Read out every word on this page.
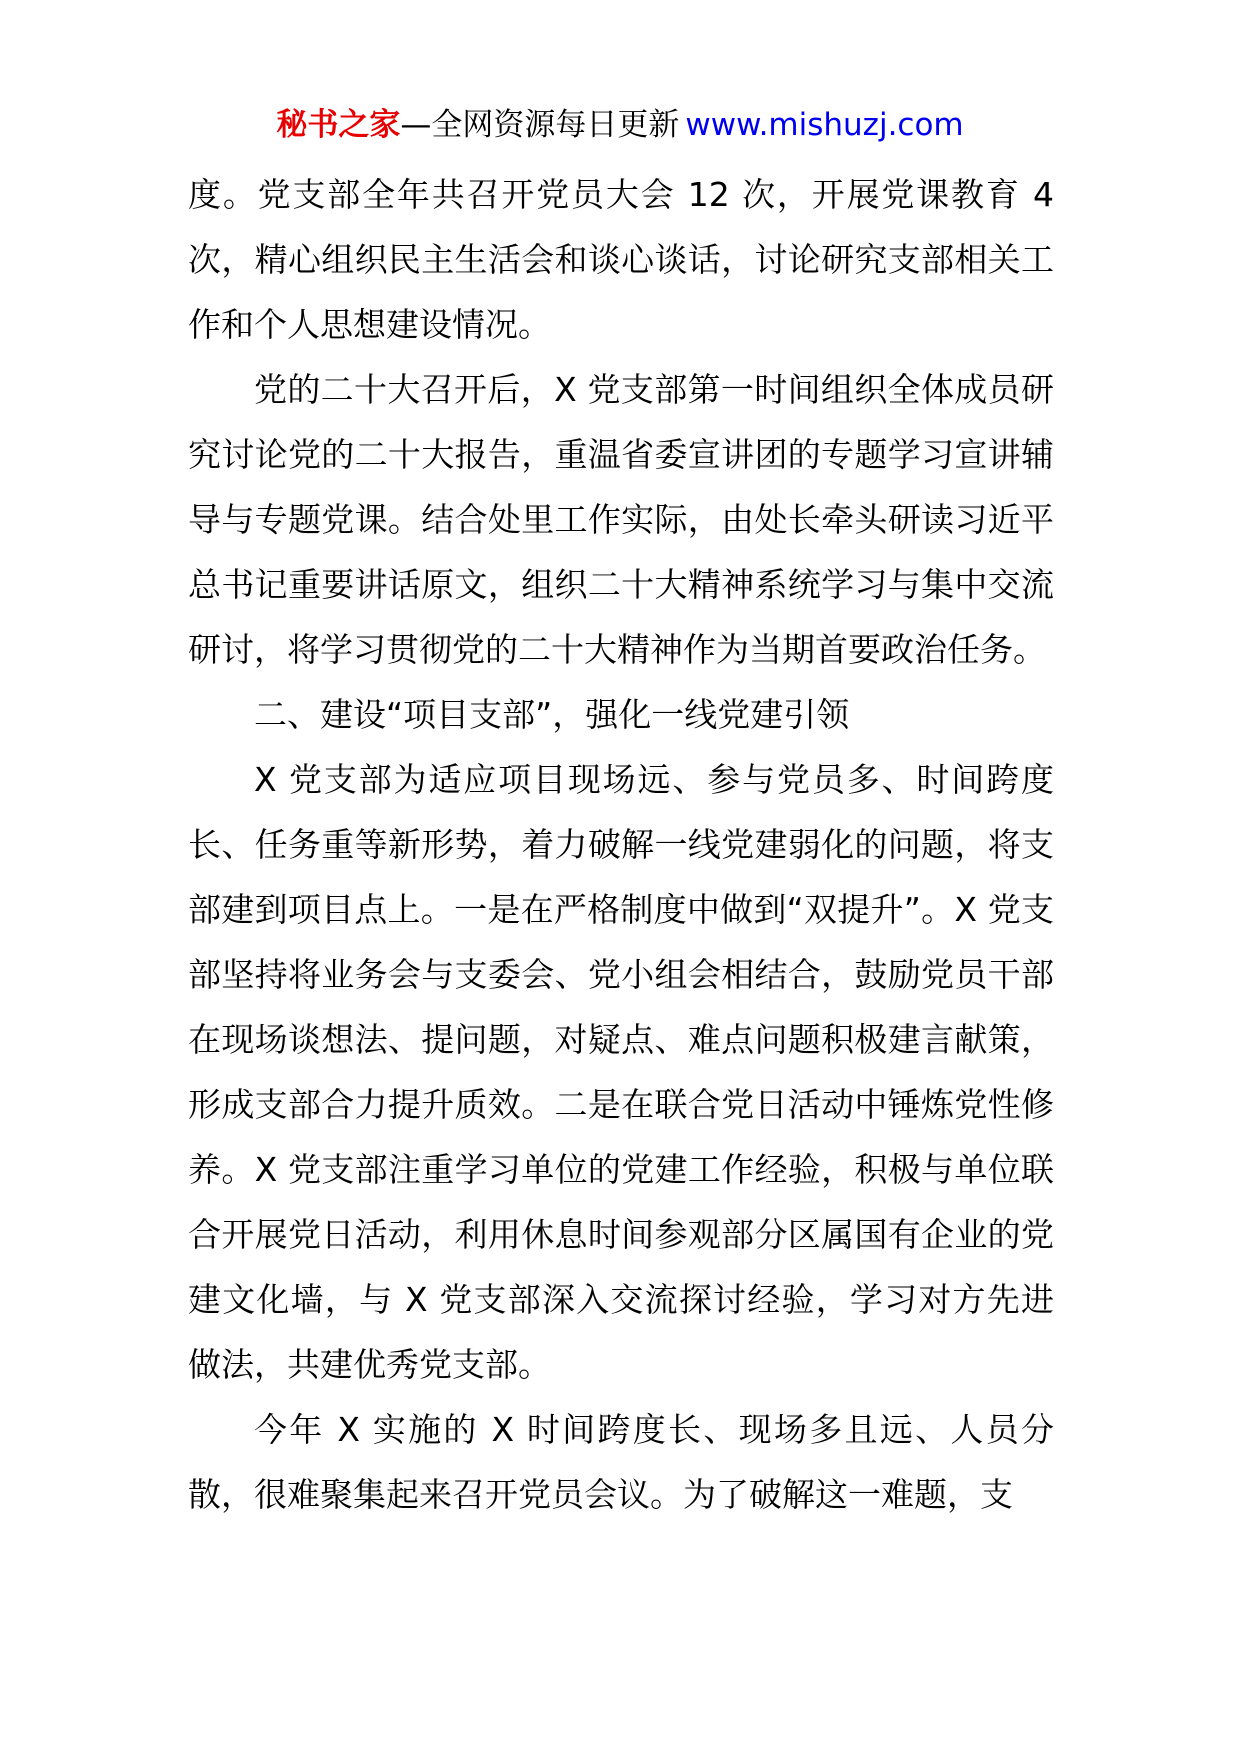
秘书之家—全网资源每日更新 www.mishuzj.com

度。党支部全年共召开党员大会 12 次，开展党课教育 4 次，精心组织民主生活会和谈心谈话，讨论研究支部相关工作和个人思想建设情况。

党的二十大召开后，X 党支部第一时间组织全体成员研究讨论党的二十大报告，重温省委宣讲团的专题学习宣讲辅导与专题党课。结合处里工作实际，由处长牵头研读习近平总书记重要讲话原文，组织二十大精神系统学习与集中交流研讨，将学习贯彻党的二十大精神作为当期首要政治任务。

二、建设“项目支部”，强化一线党建引领

X 党支部为适应项目现场远、参与党员多、时间跨度长、任务重等新形势，着力破解一线党建弱化的问题，将支部建到项目点上。一是在严格制度中做到“双提升”。X 党支部坚持将业务会与支委会、党小组会相结合，鼓励党员干部在现场谈想法、提问题，对疑点、难点问题积极建言献策，形成支部合力提升质效。二是在联合党日活动中锤炼党性修养。X 党支部注重学习单位的党建工作经验，积极与单位联合开展党日活动，利用休息时间参观部分区属国有企业的党建文化墙，与 X 党支部深入交流探讨经验，学习对方先进做法，共建优秀党支部。

今年 X 实施的 X 时间跨度长、现场多且远、人员分散，很难聚集起来召开党员会议。为了破解这一难题，支
